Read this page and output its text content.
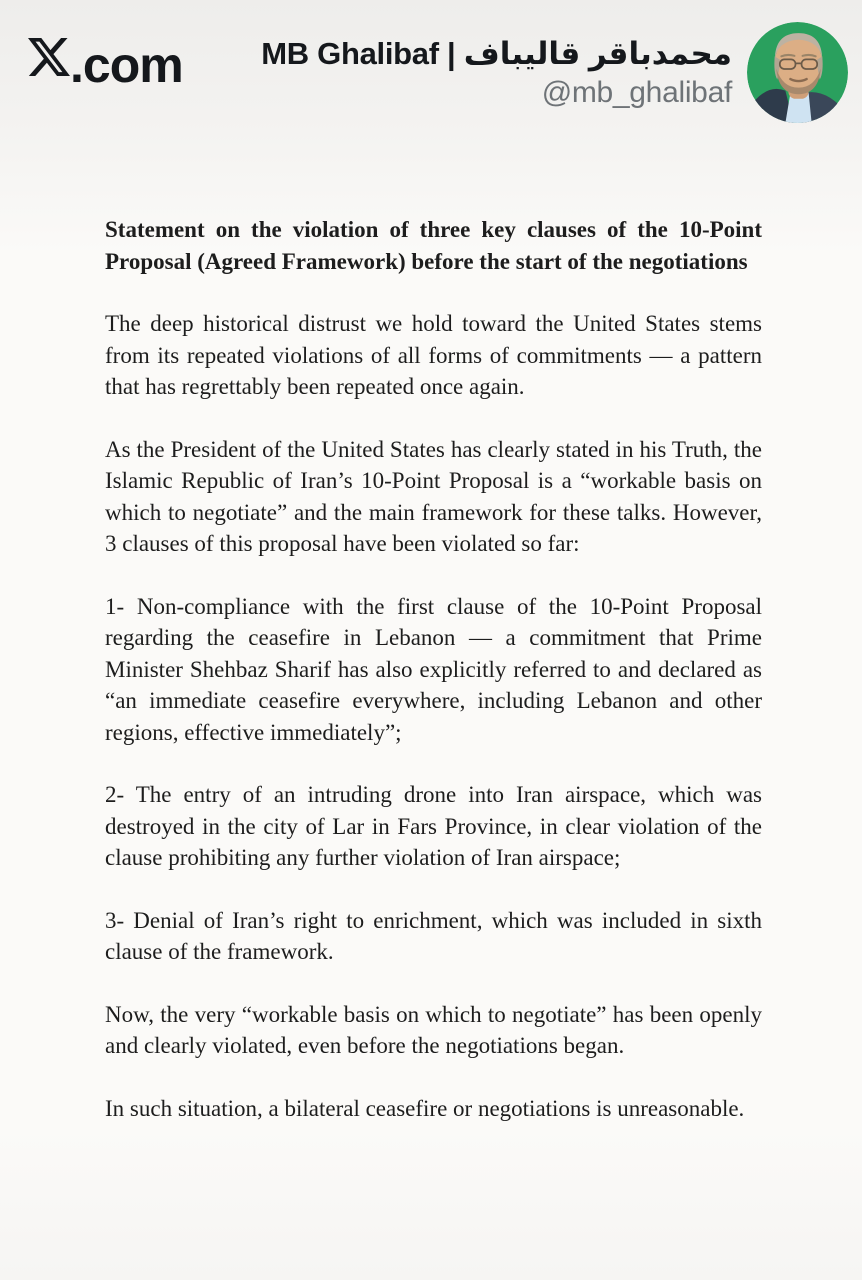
.com	MB Ghalibaf | محمدباقر قالیباف
@mb_ghalibaf
Statement on the violation of three key clauses of the 10-Point Proposal (Agreed Framework) before the start of the negotiations

The deep historical distrust we hold toward the United States stems from its repeated violations of all forms of commitments — a pattern that has regrettably been repeated once again.

As the President of the United States has clearly stated in his Truth, the Islamic Republic of Iran’s 10-Point Proposal is a “workable basis on which to negotiate” and the main framework for these talks. However, 3 clauses of this proposal have been violated so far:

1- Non-compliance with the first clause of the 10-Point Proposal regarding the ceasefire in Lebanon — a commitment that Prime Minister Shehbaz Sharif has also explicitly referred to and declared as “an immediate ceasefire everywhere, including Lebanon and other regions, effective immediately”;

2- The entry of an intruding drone into Iran airspace, which was destroyed in the city of Lar in Fars Province, in clear violation of the clause prohibiting any further violation of Iran airspace;

3- Denial of Iran’s right to enrichment, which was included in sixth clause of the framework.

Now, the very “workable basis on which to negotiate” has been openly and clearly violated, even before the negotiations began.

In such situation, a bilateral ceasefire or negotiations is unreasonable.
